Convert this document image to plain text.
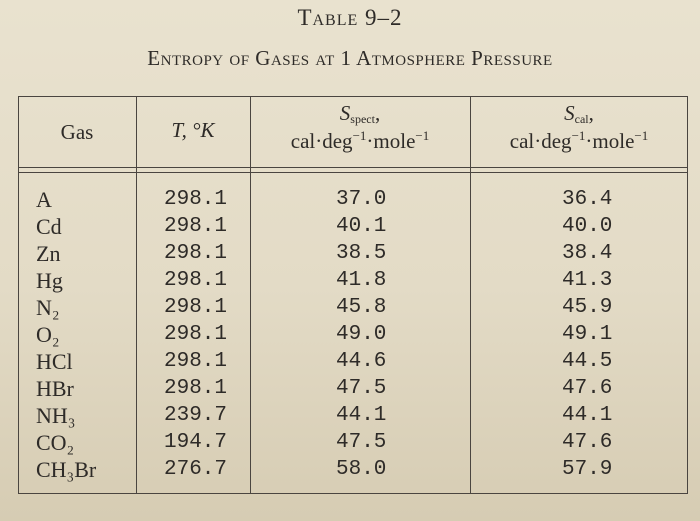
Table 9–2
Entropy of Gases at 1 Atmosphere Pressure
Gas	T, °K
$S_{spect}$,
cal·deg$^{-1}$·mole$^{-1}$
$S_{cal}$,
cal·deg$^{-1}$·mole$^{-1}$
A
Cd
Zn
Hg
N₂
O₂
HCl
HBr
NH₃
CO₂
CH₃Br
298.1
298.1
298.1
298.1
298.1
298.1
298.1
298.1
239.7
194.7
276.7
37.0
40.1
38.5
41.8
45.8
49.0
44.6
47.5
44.1
47.5
58.0
36.4
40.0
38.4
41.3
45.9
49.1
44.5
47.6
44.1
47.6
57.9
